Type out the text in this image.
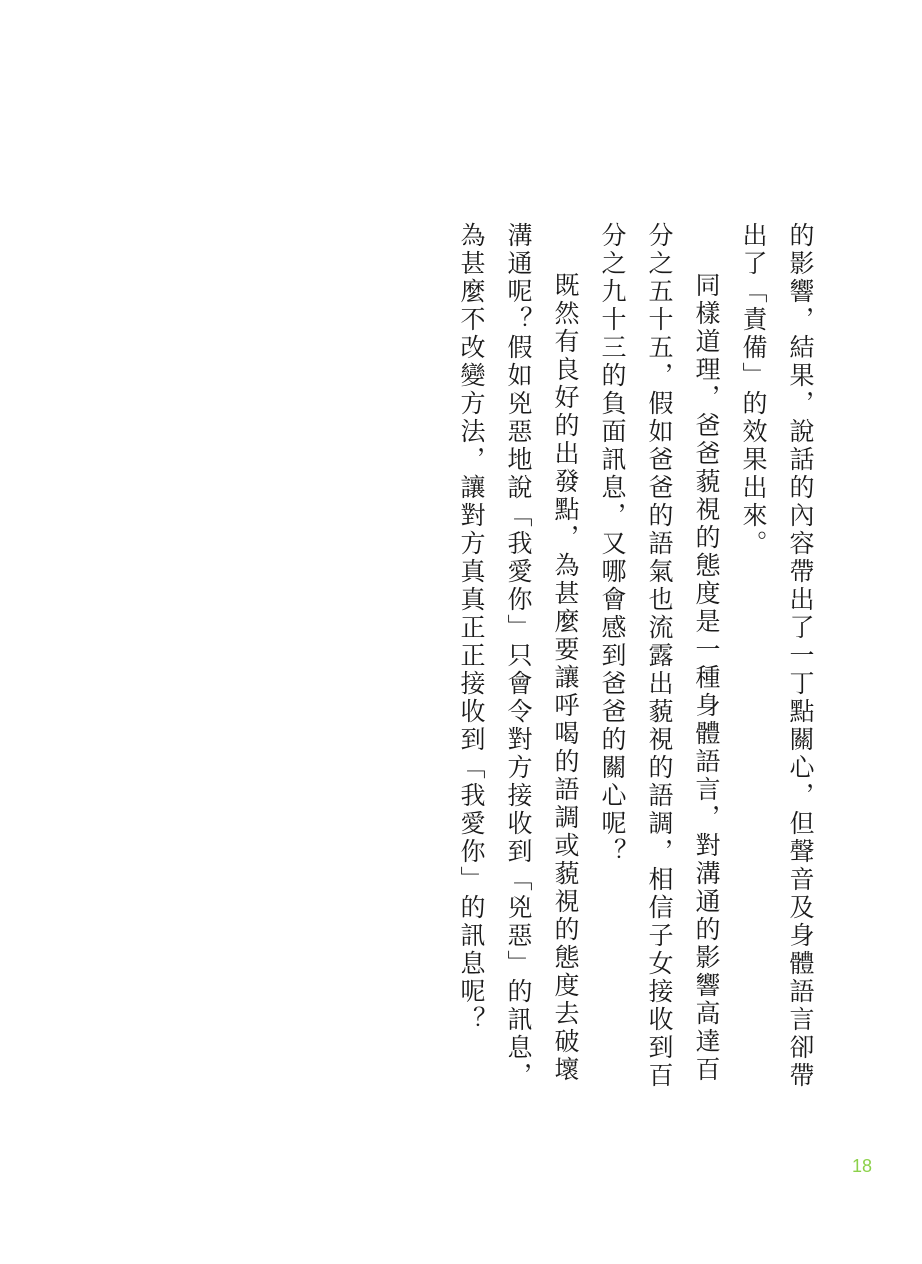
的影響，結果，說話的內容帶出了一丁點關心，但聲音及身體語言卻帶出了「責備」的效果出來。

同樣道理，爸爸藐視的態度是一種身體語言，對溝通的影響高達百分之五十五，假如爸爸的語氣也流露出藐視的語調，相信子女接收到百分之九十三的負面訊息，又哪會感到爸爸的關心呢？

既然有良好的出發點，為甚麼要讓呼喝的語調或藐視的態度去破壞溝通呢？假如兇惡地說「我愛你」只會令對方接收到「兇惡」的訊息，為甚麼不改變方法，讓對方真真正正接收到「我愛你」的訊息呢？

18
